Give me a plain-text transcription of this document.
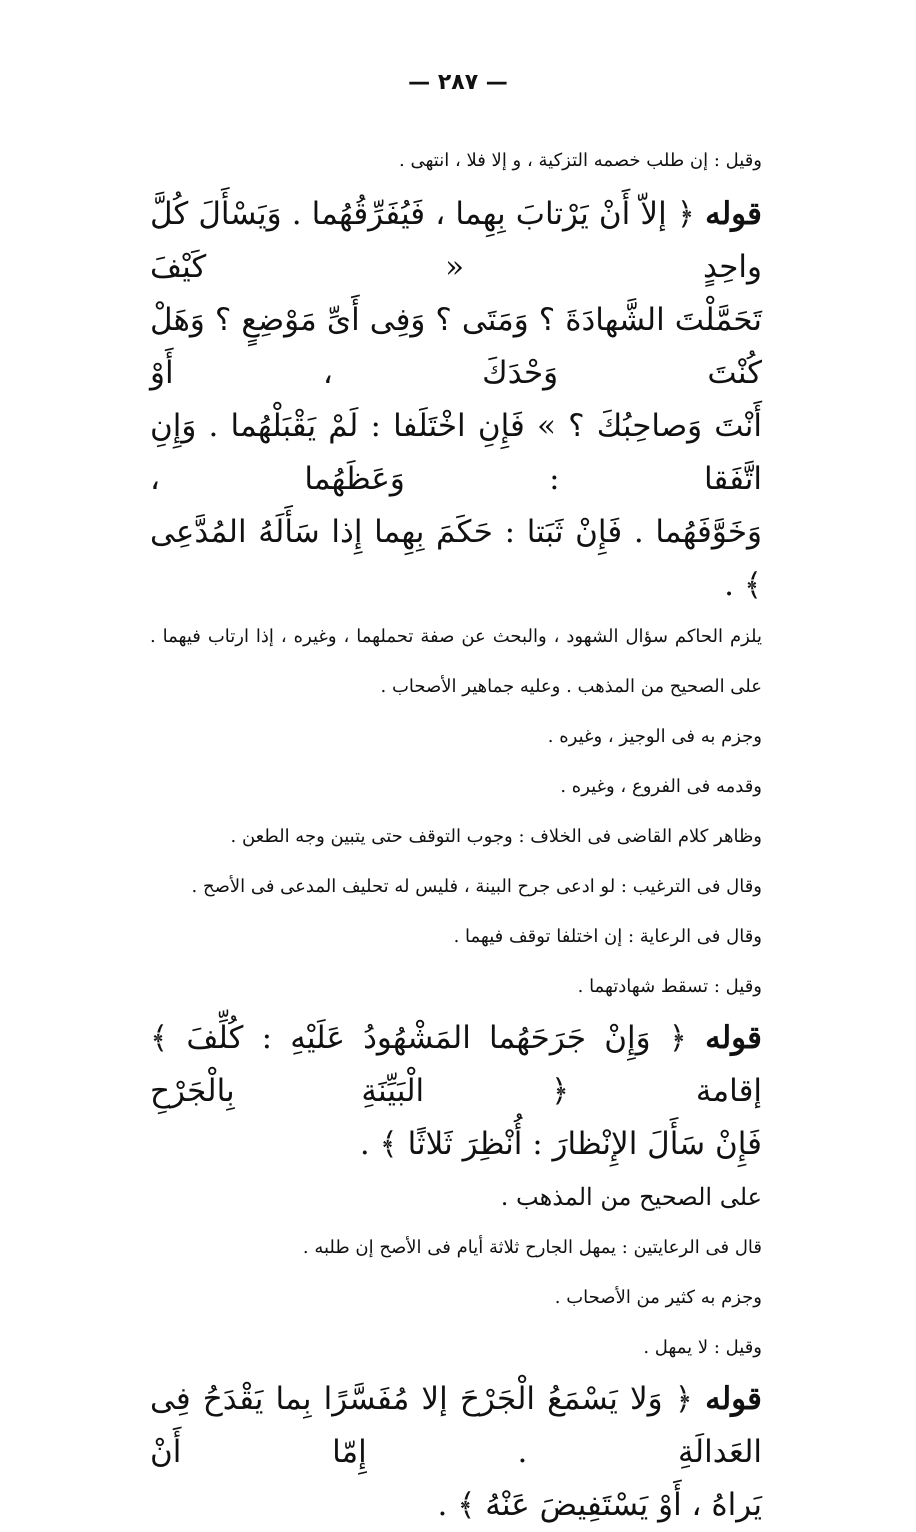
— ٢٨٧ —

وقيل : إن طلب خصمه التزكية ، و إلا فلا ، انتهى .

قوله ﴿ إلاّ أَنْ يَرْتابَ بِهِما ، فَيُفَرِّقُهُما . وَيَسْأَلَ كُلَّ واحِدٍ « كَيْفَ

تَحَمَّلْتَ الشَّهادَةَ ؟ وَمَتَى ؟ وَفِى أَىِّ مَوْضِعٍ ؟ وَهَلْ كُنْتَ وَحْدَكَ ، أَوْ

أَنْتَ وَصاحِبُكَ ؟ » فَإِنِ اخْتَلَفا : لَمْ يَقْبَلْهُما . وَإِنِ اتَّفَقا : وَعَظَهُما ،

وَخَوَّفَهُما . فَإِنْ ثَبَتا : حَكَمَ بِهِما إِذا سَأَلَهُ المُدَّعِى ﴾ .

يلزم الحاكم سؤال الشهود ، والبحث عن صفة تحملهما ، وغيره ، إذا ارتاب فيهما . على الصحيح من المذهب . وعليه جماهير الأصحاب .

وجزم به فى الوجيز ، وغيره .

وقدمه فى الفروع ، وغيره .

وظاهر كلام القاضى فى الخلاف : وجوب التوقف حتى يتبين وجه الطعن .

وقال فى الترغيب : لو ادعى جرح البينة ، فليس له تحليف المدعى فى الأصح .

وقال فى الرعاية : إن اختلفا توقف فيهما .

وقيل : تسقط شهادتهما .

قوله ﴿ وَإِنْ جَرَحَهُما المَشْهُودُ عَلَيْهِ : كُلِّفَ ﴾ إقامة ﴿ الْبَيِّنَةِ بِالْجَرْحِ

فَإِنْ سَأَلَ الإِنْظارَ : أُنْظِرَ ثَلاثًا ﴾ .

على الصحيح من المذهب .

قال فى الرعايتين : يمهل الجارح ثلاثة أيام فى الأصح إن طلبه .

وجزم به كثير من الأصحاب .

وقيل : لا يمهل .

قوله ﴿ وَلا يَسْمَعُ الْجَرْحَ إلا مُفَسَّرًا بِما يَقْدَحُ فِى العَدالَةِ . إِمّا أَنْ

يَراهُ ، أَوْ يَسْتَفِيضَ عَنْهُ ﴾ .
